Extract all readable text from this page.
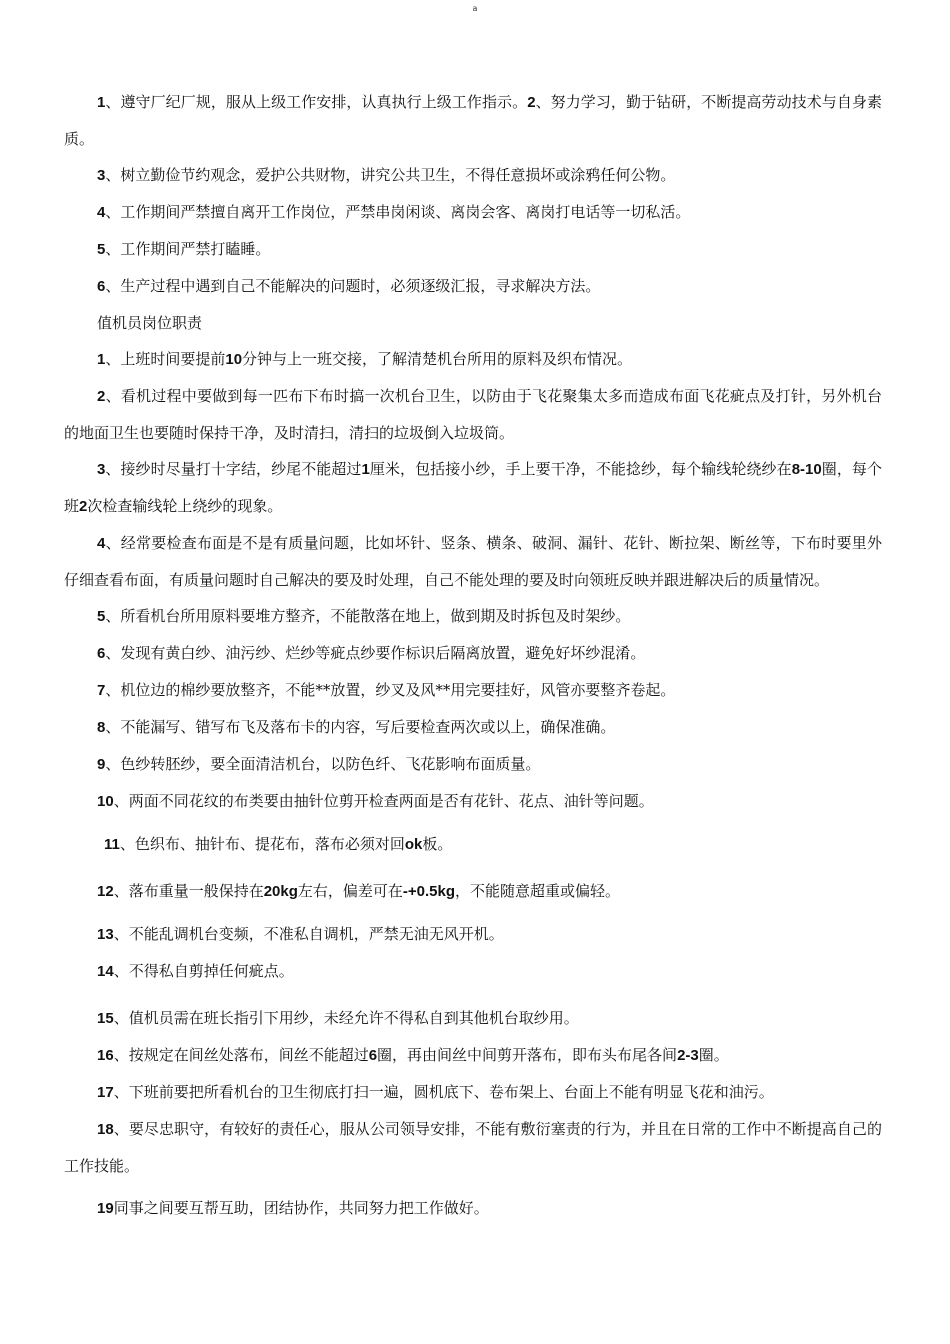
a

1、遵守厂纪厂规，服从上级工作安排，认真执行上级工作指示。2、努力学习，勤于钻研，不断提高劳动技术与自身素质。

3、树立勤俭节约观念，爱护公共财物，讲究公共卫生，不得任意损坏或涂鸦任何公物。

4、工作期间严禁擅自离开工作岗位，严禁串岗闲谈、离岗会客、离岗打电话等一切私活。

5、工作期间严禁打瞌睡。

6、生产过程中遇到自己不能解决的问题时，必须逐级汇报，寻求解决方法。

值机员岗位职责

1、上班时间要提前10分钟与上一班交接，了解清楚机台所用的原料及织布情况。

2、看机过程中要做到每一匹布下布时搞一次机台卫生，以防由于飞花聚集太多而造成布面飞花疵点及打针，另外机台的地面卫生也要随时保持干净，及时清扫，清扫的垃圾倒入垃圾筒。

3、接纱时尽量打十字结，纱尾不能超过1厘米，包括接小纱，手上要干净，不能捻纱，每个输线轮绕纱在8-10圈，每个班2次检查输线轮上绕纱的现象。

4、经常要检查布面是不是有质量问题，比如坏针、竖条、横条、破洞、漏针、花针、断拉架、断丝等，下布时要里外仔细查看布面，有质量问题时自己解决的要及时处理，自己不能处理的要及时向领班反映并跟进解决后的质量情况。

5、所看机台所用原料要堆方整齐，不能散落在地上，做到期及时拆包及时架纱。

6、发现有黄白纱、油污纱、烂纱等疵点纱要作标识后隔离放置，避免好坏纱混淆。

7、机位边的棉纱要放整齐，不能**放置，纱叉及风**用完要挂好，风管亦要整齐卷起。

8、不能漏写、错写布飞及落布卡的内容，写后要检查两次或以上，确保准确。

9、色纱转胚纱，要全面清洁机台，以防色纤、飞花影响布面质量。

10、两面不同花纹的布类要由抽针位剪开检查两面是否有花针、花点、油针等问题。

11、色织布、抽针布、提花布，落布必须对回ok板。

12、落布重量一般保持在20kg左右，偏差可在-+0.5kg，不能随意超重或偏轻。

13、不能乱调机台变频，不准私自调机，严禁无油无风开机。

14、不得私自剪掉任何疵点。

15、值机员需在班长指引下用纱，未经允许不得私自到其他机台取纱用。

16、按规定在间丝处落布，间丝不能超过6圈，再由间丝中间剪开落布，即布头布尾各间2-3圈。

17、下班前要把所看机台的卫生彻底打扫一遍，圆机底下、卷布架上、台面上不能有明显飞花和油污。

18、要尽忠职守，有较好的责任心，服从公司领导安排，不能有敷衍塞责的行为，并且在日常的工作中不断提高自己的工作技能。

19同事之间要互帮互助，团结协作，共同努力把工作做好。
